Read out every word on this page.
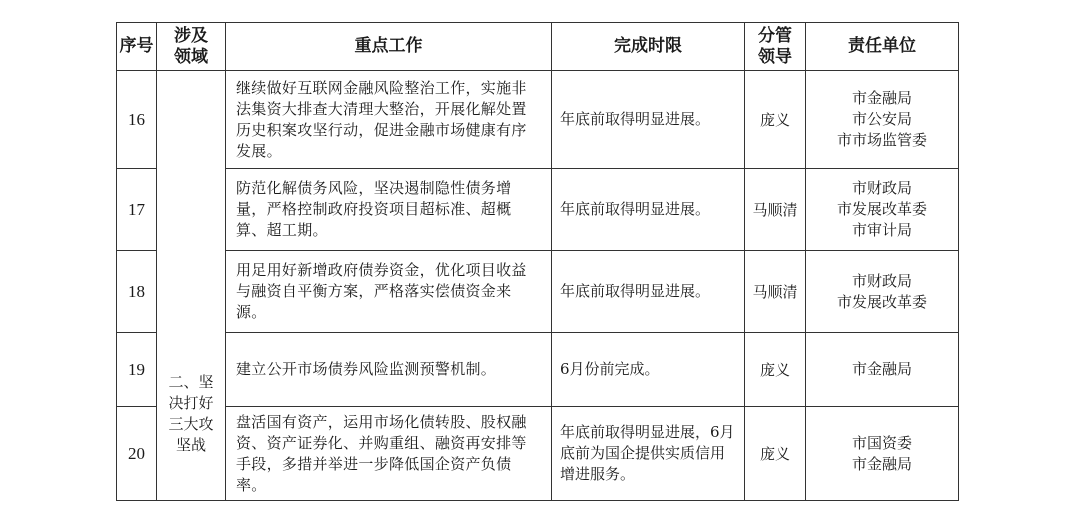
序号	涉及领域	重点工作	完成时限	分管领导	责任单位
16	二、坚决打好三大攻坚战	继续做好互联网金融风险整治工作，实施非法集资大排查大清理大整治，开展化解处置历史积案攻坚行动，促进金融市场健康有序发展。	年底前取得明显进展。	庞义	市金融局
市公安局
市市场监管委

17		防范化解债务风险，坚决遏制隐性债务增量，严格控制政府投资项目超标准、超概算、超工期。	年底前取得明显进展。	马顺清	市财政局
市发展改革委
市审计局

18		用足用好新增政府债券资金，优化项目收益与融资自平衡方案，严格落实偿债资金来源。	年底前取得明显进展。	马顺清	市财政局
市发展改革委

19		建立公开市场债券风险监测预警机制。	6月份前完成。	庞义	市金融局

20		盘活国有资产，运用市场化债转股、股权融资、资产证券化、并购重组、融资再安排等手段，多措并举进一步降低国企资产负债率。	年底前取得明显进展，6月底前为国企提供实质信用增进服务。	庞义	市国资委
市金融局
